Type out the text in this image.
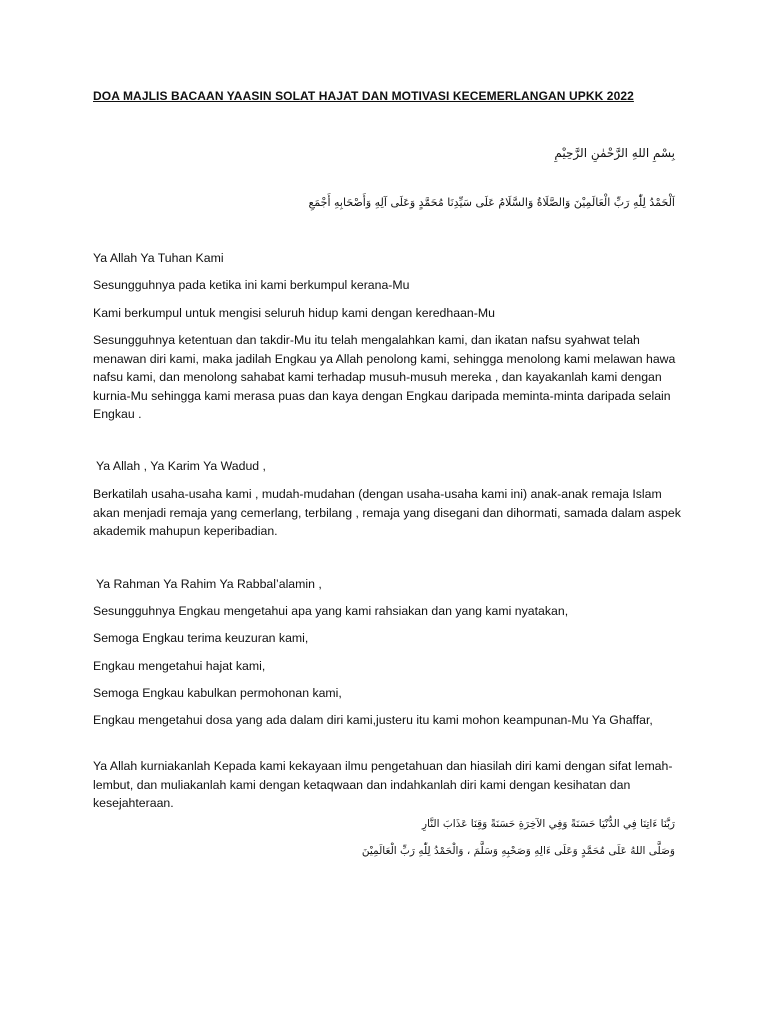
DOA MAJLIS BACAAN YAASIN SOLAT HAJAT DAN MOTIVASI KECEMERLANGAN UPKK 2022
بِسْمِ اللهِ الرَّحْمٰنِ الرَّحِيْمِ
اَلْحَمْدُ لِلّٰهِ رَبِّ الْعَالَمِيْنَ وَالصَّلَاةُ وَالسَّلَامُ عَلَى سَيِّدِنَا مُحَمَّدٍ وَعَلَى آلِهِ وَأَصْحَابِهِ أَجْمَعِ
Ya Allah Ya Tuhan Kami
Sesungguhnya pada ketika ini kami berkumpul kerana-Mu
Kami berkumpul untuk mengisi seluruh hidup kami dengan keredhaan-Mu
Sesungguhnya ketentuan dan takdir-Mu itu telah mengalahkan kami, dan ikatan nafsu syahwat telah menawan diri kami, maka jadilah Engkau ya Allah penolong kami, sehingga menolong kami melawan hawa nafsu kami, dan menolong sahabat kami terhadap musuh-musuh mereka , dan kayakanlah kami dengan kurnia-Mu sehingga kami merasa puas dan kaya dengan Engkau daripada meminta-minta daripada selain Engkau .
Ya Allah , Ya Karim Ya Wadud ,
Berkatilah usaha-usaha kami , mudah-mudahan (dengan usaha-usaha kami ini) anak-anak remaja Islam akan menjadi remaja yang cemerlang, terbilang , remaja yang disegani dan dihormati, samada dalam aspek akademik mahupun keperibadian.
Ya Rahman Ya Rahim Ya Rabbal’alamin ,
Sesungguhnya Engkau mengetahui apa yang kami rahsiakan dan yang kami nyatakan,
Semoga Engkau terima keuzuran kami,
Engkau mengetahui hajat kami,
Semoga Engkau kabulkan permohonan kami,
Engkau mengetahui dosa yang ada dalam diri kami,justeru itu kami mohon keampunan-Mu Ya Ghaffar,
Ya Allah kurniakanlah Kepada kami kekayaan ilmu pengetahuan dan hiasilah diri kami dengan sifat lemah-lembut, dan muliakanlah kami dengan ketaqwaan dan indahkanlah diri kami dengan kesihatan dan kesejahteraan.
رَبَّنَا ءَاتِنَا فِي الدُّنْيَا حَسَنَةً وَفِي الآخِرَةِ حَسَنَةً وَقِنَا عَذَابَ النَّارِ
وَصَلَّى اللهُ عَلَى مُحَمَّدٍ وَعَلَى ءَالِهِ وَصَحْبِهِ وَسَلَّمَ ، وَالْحَمْدُ لِلّٰهِ رَبِّ الْعَالَمِيْنَ
